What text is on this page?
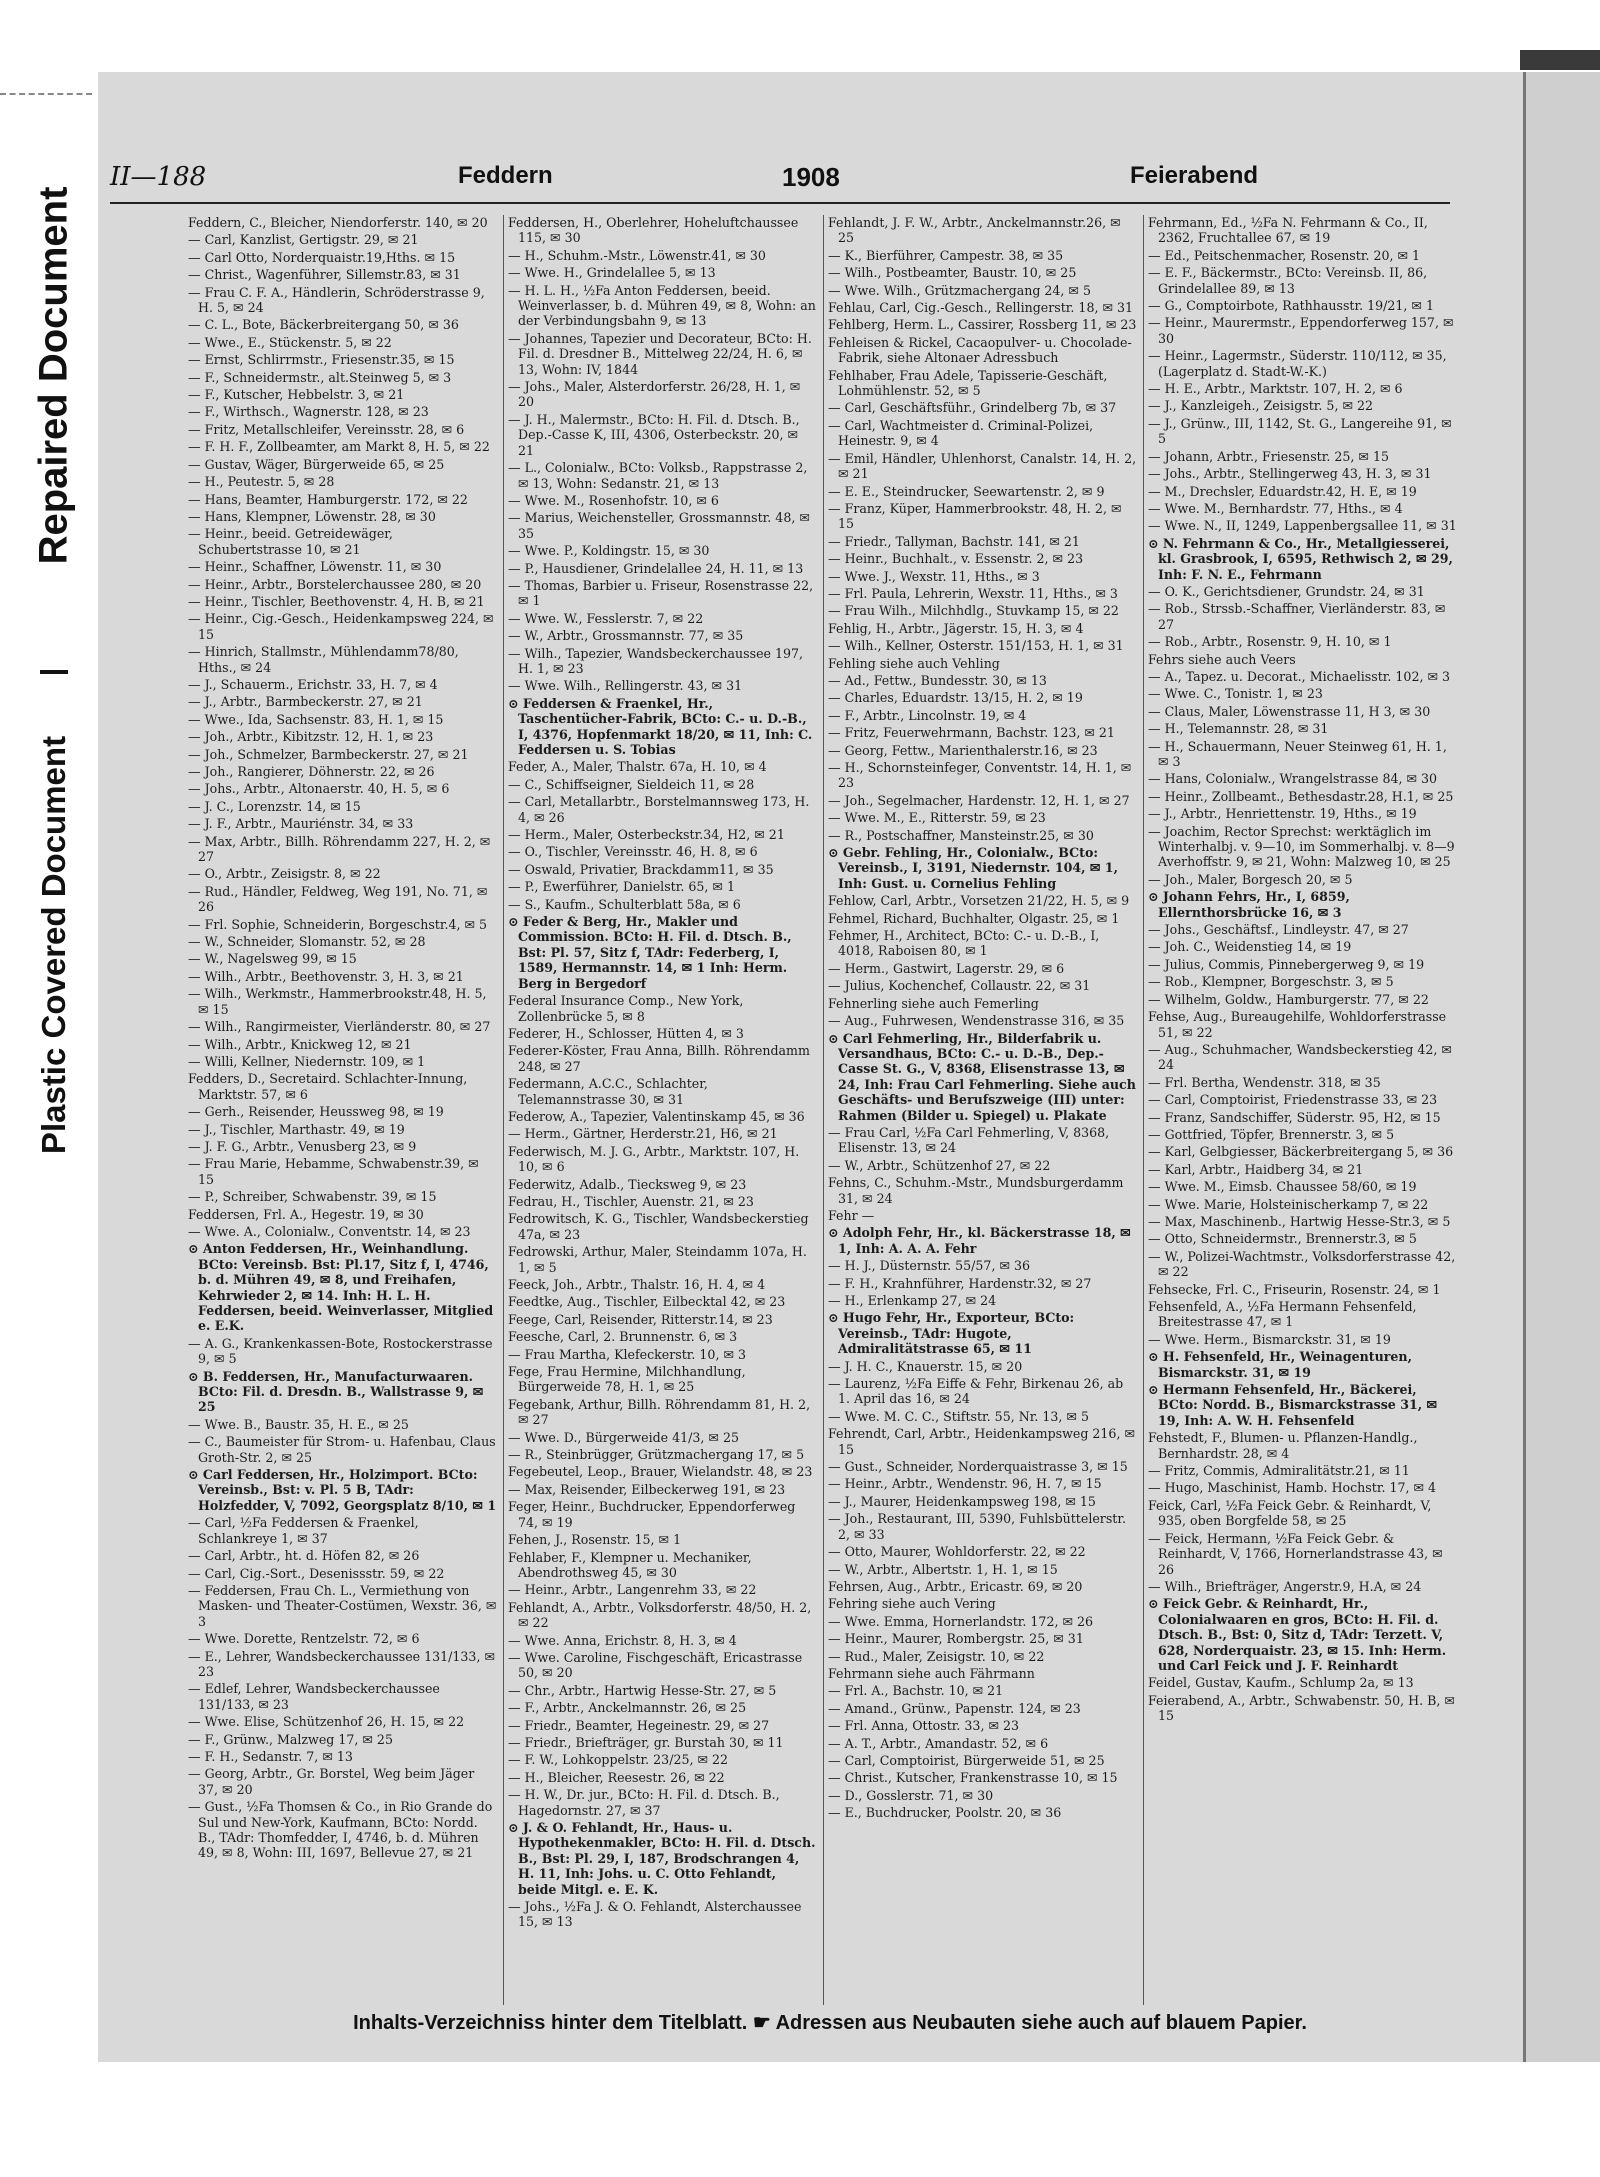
Repaired Document
Plastic Covered Document
II—188	Feddern	1908	Feierabend
Feddern, C., Bleicher, Niendorferstr. 140, ✉ 20
— Carl, Kanzlist, Gertigstr. 29, ✉ 21
— Carl Otto, Norderquaistr.19,Hths. ✉ 15
— Christ., Wagenführer, Sillemstr.83, ✉ 31
— Frau C. F. A., Händlerin, Schröderstrasse 9, H. 5, ✉ 24
— C. L., Bote, Bäckerbreitergang 50, ✉ 36
— Wwe., E., Stückenstr. 5, ✉ 22
— Ernst, Schlirrmstr., Friesenstr.35, ✉ 15
— F., Schneidermstr., alt.Steinweg 5, ✉ 3
— F., Kutscher, Hebbelstr. 3, ✉ 21
— F., Wirthsch., Wagnerstr. 128, ✉ 23
— Fritz, Metallschleifer, Vereinsstr. 28, ✉ 6
— F. H. F., Zollbeamter, am Markt 8, H. 5, ✉ 22
— Gustav, Wäger, Bürgerweide 65, ✉ 25
— H., Peutestr. 5, ✉ 28
— Hans, Beamter, Hamburgerstr. 172, ✉ 22
— Hans, Klempner, Löwenstr. 28, ✉ 30
— Heinr., beeid. Getreidewäger, Schubertstrasse 10, ✉ 21
— Heinr., Schaffner, Löwenstr. 11, ✉ 30
— Heinr., Arbtr., Borstelerchaussee 280, ✉ 20
— Heinr., Tischler, Beethovenstr. 4, H. B, ✉ 21
— Heinr., Cig.-Gesch., Heidenkampsweg 224, ✉ 15
— Hinrich, Stallmstr., Mühlendamm78/80, Hths., ✉ 24
— J., Schauerm., Erichstr. 33, H. 7, ✉ 4
— J., Arbtr., Barmbeckerstr. 27, ✉ 21
— Wwe., Ida, Sachsenstr. 83, H. 1, ✉ 15
— Joh., Arbtr., Kibitzstr. 12, H. 1, ✉ 23
— Joh., Schmelzer, Barmbeckerstr. 27, ✉ 21
— Joh., Rangierer, Döhnerstr. 22, ✉ 26
— Johs., Arbtr., Altonaerstr. 40, H. 5, ✉ 6
— J. C., Lorenzstr. 14, ✉ 15
— J. F., Arbtr., Mauriénstr. 34, ✉ 33
— Max, Arbtr., Billh. Röhrendamm 227, H. 2, ✉ 27
— O., Arbtr., Zeisigstr. 8, ✉ 22
— Rud., Händler, Feldweg, Weg 191, No. 71, ✉ 26
— Frl. Sophie, Schneiderin, Borgeschstr.4, ✉ 5
— W., Schneider, Slomanstr. 52, ✉ 28
— W., Nagelsweg 99, ✉ 15
— Wilh., Arbtr., Beethovenstr. 3, H. 3, ✉ 21
— Wilh., Werkmstr., Hammerbrookstr.48, H. 5, ✉ 15
— Wilh., Rangirmeister, Vierländerstr. 80, ✉ 27
— Wilh., Arbtr., Knickweg 12, ✉ 21
— Willi, Kellner, Niedernstr. 109, ✉ 1
Fedders, D., Secretaird. Schlachter-Innung, Marktstr. 57, ✉ 6
— Gerh., Reisender, Heussweg 98, ✉ 19
— J., Tischler, Marthastr. 49, ✉ 19
— J. F. G., Arbtr., Venusberg 23, ✉ 9
— Frau Marie, Hebamme, Schwabenstr.39, ✉ 15
— P., Schreiber, Schwabenstr. 39, ✉ 15
Feddersen, Frl. A., Hegestr. 19, ✉ 30
— Wwe. A., Colonialw., Conventstr. 14, ✉ 23
⊙ Anton Feddersen, Hr., Weinhandlung. BCto: Vereinsb. Bst: Pl.17, Sitz f, I, 4746, b. d. Mühren 49, ✉ 8, und Freihafen, Kehrwieder 2, ✉ 14. Inh: H. L. H. Feddersen, beeid. Weinverlasser, Mitglied e. E.K.
— A. G., Krankenkassen-Bote, Rostockerstrasse 9, ✉ 5
⊙ B. Feddersen, Hr., Manufacturwaaren. BCto: Fil. d. Dresdn. B., Wallstrasse 9, ✉ 25
— Wwe. B., Baustr. 35, H. E., ✉ 25
— C., Baumeister für Strom- u. Hafenbau, Claus Groth-Str. 2, ✉ 25
⊙ Carl Feddersen, Hr., Holzimport. BCto: Vereinsb., Bst: v. Pl. 5 B, TAdr: Holzfedder, V, 7092, Georgsplatz 8/10, ✉ 1
— Carl, ½Fa Feddersen & Fraenkel, Schlankreye 1, ✉ 37
— Carl, Arbtr., ht. d. Höfen 82, ✉ 26
— Carl, Cig.-Sort., Desenissstr. 59, ✉ 22
— Feddersen, Frau Ch. L., Vermiethung von Masken- und Theater-Costümen, Wexstr. 36, ✉ 3
— Wwe. Dorette, Rentzelstr. 72, ✉ 6
— E., Lehrer, Wandsbeckerchaussee 131/133, ✉ 23
— Edlef, Lehrer, Wandsbeckerchaussee 131/133, ✉ 23
— Wwe. Elise, Schützenhof 26, H. 15, ✉ 22
— F., Grünw., Malzweg 17, ✉ 25
— F. H., Sedanstr. 7, ✉ 13
— Georg, Arbtr., Gr. Borstel, Weg beim Jäger 37, ✉ 20
— Gust., ½Fa Thomsen & Co., in Rio Grande do Sul und New-York, Kaufmann, BCto: Nordd. B., TAdr: Thomfedder, I, 4746, b. d. Mühren 49, ✉ 8, Wohn: III, 1697, Bellevue 27, ✉ 21
Feddersen, H., Oberlehrer, Hoheluftchaussee 115, ✉ 30
— H., Schuhm.-Mstr., Löwenstr.41, ✉ 30
— Wwe. H., Grindelallee 5, ✉ 13
— H. L. H., ½Fa Anton Feddersen, beeid. Weinverlasser, b. d. Mühren 49, ✉ 8, Wohn: an der Verbindungsbahn 9, ✉ 13
— Johannes, Tapezier und Decorateur, BCto: H. Fil. d. Dresdner B., Mittelweg 22/24, H. 6, ✉ 13, Wohn: IV, 1844
— Johs., Maler, Alsterdorferstr. 26/28, H. 1, ✉ 20
— J. H., Malermstr., BCto: H. Fil. d. Dtsch. B., Dep.-Casse K, III, 4306, Osterbeckstr. 20, ✉ 21
— L., Colonialw., BCto: Volksb., Rappstrasse 2, ✉ 13, Wohn: Sedanstr. 21, ✉ 13
— Wwe. M., Rosenhofstr. 10, ✉ 6
— Marius, Weichensteller, Grossmannstr. 48, ✉ 35
— Wwe. P., Koldingstr. 15, ✉ 30
— P., Hausdiener, Grindelallee 24, H. 11, ✉ 13
— Thomas, Barbier u. Friseur, Rosenstrasse 22, ✉ 1
— Wwe. W., Fesslerstr. 7, ✉ 22
— W., Arbtr., Grossmannstr. 77, ✉ 35
— Wilh., Tapezier, Wandsbeckerchaussee 197, H. 1, ✉ 23
— Wwe. Wilh., Rellingerstr. 43, ✉ 31
⊙ Feddersen & Fraenkel, Hr., Taschentücher-Fabrik, BCto: C.- u. D.-B., I, 4376, Hopfenmarkt 18/20, ✉ 11, Inh: C. Feddersen u. S. Tobias
Feder, A., Maler, Thalstr. 67a, H. 10, ✉ 4
— C., Schiffseigner, Sieldeich 11, ✉ 28
— Carl, Metallarbtr., Borstelmannsweg 173, H. 4, ✉ 26
— Herm., Maler, Osterbeckstr.34, H2, ✉ 21
— O., Tischler, Vereinsstr. 46, H. 8, ✉ 6
— Oswald, Privatier, Brackdamm11, ✉ 35
— P., Ewerführer, Danielstr. 65, ✉ 1
— S., Kaufm., Schulterblatt 58a, ✉ 6
⊙ Feder & Berg, Hr., Makler und Commission. BCto: H. Fil. d. Dtsch. B., Bst: Pl. 57, Sitz f, TAdr: Federberg, I, 1589, Hermannstr. 14, ✉ 1 Inh: Herm. Berg in Bergedorf
Federal Insurance Comp., New York, Zollenbrücke 5, ✉ 8
Federer, H., Schlosser, Hütten 4, ✉ 3
Federer-Köster, Frau Anna, Billh. Röhrendamm 248, ✉ 27
Federmann, A.C.C., Schlachter, Telemannstrasse 30, ✉ 31
Federow, A., Tapezier, Valentinskamp 45, ✉ 36
— Herm., Gärtner, Herderstr.21, H6, ✉ 21
Federwisch, M. J. G., Arbtr., Marktstr. 107, H. 10, ✉ 6
Federwitz, Adalb., Tiecksweg 9, ✉ 23
Fedrau, H., Tischler, Auenstr. 21, ✉ 23
Fedrowitsch, K. G., Tischler, Wandsbeckerstieg 47a, ✉ 23
Fedrowski, Arthur, Maler, Steindamm 107a, H. 1, ✉ 5
Feeck, Joh., Arbtr., Thalstr. 16, H. 4, ✉ 4
Feedtke, Aug., Tischler, Eilbecktal 42, ✉ 23
Feege, Carl, Reisender, Ritterstr.14, ✉ 23
Feesche, Carl, 2. Brunnenstr. 6, ✉ 3
— Frau Martha, Klefeckerstr. 10, ✉ 3
Fege, Frau Hermine, Milchhandlung, Bürgerweide 78, H. 1, ✉ 25
Fegebank, Arthur, Billh. Röhrendamm 81, H. 2, ✉ 27
— Wwe. D., Bürgerweide 41/3, ✉ 25
— R., Steinbrügger, Grützmachergang 17, ✉ 5
Fegebeutel, Leop., Brauer, Wielandstr. 48, ✉ 23
— Max, Reisender, Eilbeckerweg 191, ✉ 23
Feger, Heinr., Buchdrucker, Eppendorferweg 74, ✉ 19
Fehen, J., Rosenstr. 15, ✉ 1
Fehlaber, F., Klempner u. Mechaniker, Abendrothsweg 45, ✉ 30
— Heinr., Arbtr., Langenrehm 33, ✉ 22
Fehlandt, A., Arbtr., Volksdorferstr. 48/50, H. 2, ✉ 22
— Wwe. Anna, Erichstr. 8, H. 3, ✉ 4
— Wwe. Caroline, Fischgeschäft, Ericastrasse 50, ✉ 20
— Chr., Arbtr., Hartwig Hesse-Str. 27, ✉ 5
— F., Arbtr., Anckelmannstr. 26, ✉ 25
— Friedr., Beamter, Hegeinestr. 29, ✉ 27
— Friedr., Briefträger, gr. Burstah 30, ✉ 11
— F. W., Lohkoppelstr. 23/25, ✉ 22
— H., Bleicher, Reesestr. 26, ✉ 22
— H. W., Dr. jur., BCto: H. Fil. d. Dtsch. B., Hagedornstr. 27, ✉ 37
⊙ J. & O. Fehlandt, Hr., Haus- u. Hypothekenmakler, BCto: H. Fil. d. Dtsch. B., Bst: Pl. 29, I, 187, Brodschrangen 4, H. 11, Inh: Johs. u. C. Otto Fehlandt, beide Mitgl. e. E. K.
— Johs., ½Fa J. & O. Fehlandt, Alsterchaussee 15, ✉ 13
Fehlandt, J. F. W., Arbtr., Anckelmannstr.26, ✉ 25
— K., Bierführer, Campestr. 38, ✉ 35
— Wilh., Postbeamter, Baustr. 10, ✉ 25
— Wwe. Wilh., Grützmachergang 24, ✉ 5
Fehlau, Carl, Cig.-Gesch., Rellingerstr. 18, ✉ 31
Fehlberg, Herm. L., Cassirer, Rossberg 11, ✉ 23
Fehleisen & Rickel, Cacaopulver- u. Chocolade-Fabrik, siehe Altonaer Adressbuch
Fehlhaber, Frau Adele, Tapisserie-Geschäft, Lohmühlenstr. 52, ✉ 5
— Carl, Geschäftsführ., Grindelberg 7b, ✉ 37
— Carl, Wachtmeister d. Criminal-Polizei, Heinestr. 9, ✉ 4
— Emil, Händler, Uhlenhorst, Canalstr. 14, H. 2, ✉ 21
— E. E., Steindrucker, Seewartenstr. 2, ✉ 9
— Franz, Küper, Hammerbrookstr. 48, H. 2, ✉ 15
— Friedr., Tallyman, Bachstr. 141, ✉ 21
— Heinr., Buchhalt., v. Essenstr. 2, ✉ 23
— Wwe. J., Wexstr. 11, Hths., ✉ 3
— Frl. Paula, Lehrerin, Wexstr. 11, Hths., ✉ 3
— Frau Wilh., Milchhdlg., Stuvkamp 15, ✉ 22
Fehlig, H., Arbtr., Jägerstr. 15, H. 3, ✉ 4
— Wilh., Kellner, Osterstr. 151/153, H. 1, ✉ 31
Fehling siehe auch Vehling
— Ad., Fettw., Bundesstr. 30, ✉ 13
— Charles, Eduardstr. 13/15, H. 2, ✉ 19
— F., Arbtr., Lincolnstr. 19, ✉ 4
— Fritz, Feuerwehrmann, Bachstr. 123, ✉ 21
— Georg, Fettw., Marienthalerstr.16, ✉ 23
— H., Schornsteinfeger, Conventstr. 14, H. 1, ✉ 23
— Joh., Segelmacher, Hardenstr. 12, H. 1, ✉ 27
— Wwe. M., E., Ritterstr. 59, ✉ 23
— R., Postschaffner, Mansteinstr.25, ✉ 30
⊙ Gebr. Fehling, Hr., Colonialw., BCto: Vereinsb., I, 3191, Niedernstr. 104, ✉ 1, Inh: Gust. u. Cornelius Fehling
Fehlow, Carl, Arbtr., Vorsetzen 21/22, H. 5, ✉ 9
Fehmel, Richard, Buchhalter, Olgastr. 25, ✉ 1
Fehmer, H., Architect, BCto: C.- u. D.-B., I, 4018, Raboisen 80, ✉ 1
— Herm., Gastwirt, Lagerstr. 29, ✉ 6
— Julius, Kochenchef, Collaustr. 22, ✉ 31
Fehnerling siehe auch Femerling
— Aug., Fuhrwesen, Wendenstrasse 316, ✉ 35
⊙ Carl Fehmerling, Hr., Bilderfabrik u. Versandhaus, BCto: C.- u. D.-B., Dep.-Casse St. G., V, 8368, Elisenstrasse 13, ✉ 24, Inh: Frau Carl Fehmerling. Siehe auch Geschäfts- und Berufszweige (III) unter: Rahmen (Bilder u. Spiegel) u. Plakate
— Frau Carl, ½Fa Carl Fehmerling, V, 8368, Elisenstr. 13, ✉ 24
— W., Arbtr., Schützenhof 27, ✉ 22
Fehns, C., Schuhm.-Mstr., Mundsburgerdamm 31, ✉ 24
Fehr —
⊙ Adolph Fehr, Hr., kl. Bäckerstrasse 18, ✉ 1, Inh: A. A. A. Fehr
— H. J., Düsternstr. 55/57, ✉ 36
— F. H., Krahnführer, Hardenstr.32, ✉ 27
— H., Erlenkamp 27, ✉ 24
⊙ Hugo Fehr, Hr., Exporteur, BCto: Vereinsb., TAdr: Hugote, Admiralitätstrasse 65, ✉ 11
— J. H. C., Knauerstr. 15, ✉ 20
— Laurenz, ½Fa Eiffe & Fehr, Birkenau 26, ab 1. April das 16, ✉ 24
— Wwe. M. C. C., Stiftstr. 55, Nr. 13, ✉ 5
Fehrendt, Carl, Arbtr., Heidenkampsweg 216, ✉ 15
— Gust., Schneider, Norderquaistrasse 3, ✉ 15
— Heinr., Arbtr., Wendenstr. 96, H. 7, ✉ 15
— J., Maurer, Heidenkampsweg 198, ✉ 15
— Joh., Restaurant, III, 5390, Fuhlsbüttelerstr. 2, ✉ 33
— Otto, Maurer, Wohldorferstr. 22, ✉ 22
— W., Arbtr., Albertstr. 1, H. 1, ✉ 15
Fehrsen, Aug., Arbtr., Ericastr. 69, ✉ 20
Fehring siehe auch Vering
— Wwe. Emma, Hornerlandstr. 172, ✉ 26
— Heinr., Maurer, Rombergstr. 25, ✉ 31
— Rud., Maler, Zeisigstr. 10, ✉ 22
Fehrmann siehe auch Fährmann
— Frl. A., Bachstr. 10, ✉ 21
— Amand., Grünw., Papenstr. 124, ✉ 23
— Frl. Anna, Ottostr. 33, ✉ 23
— A. T., Arbtr., Amandastr. 52, ✉ 6
— Carl, Comptoirist, Bürgerweide 51, ✉ 25
— Christ., Kutscher, Frankenstrasse 10, ✉ 15
— D., Gosslerstr. 71, ✉ 30
— E., Buchdrucker, Poolstr. 20, ✉ 36
Fehrmann, Ed., ½Fa N. Fehrmann & Co., II, 2362, Fruchtallee 67, ✉ 19
— Ed., Peitschenmacher, Rosenstr. 20, ✉ 1
— E. F., Bäckermstr., BCto: Vereinsb. II, 86, Grindelallee 89, ✉ 13
— G., Comptoirbote, Rathhausstr. 19/21, ✉ 1
— Heinr., Maurermstr., Eppendorferweg 157, ✉ 30
— Heinr., Lagermstr., Süderstr. 110/112, ✉ 35, (Lagerplatz d. Stadt-W.-K.)
— H. E., Arbtr., Marktstr. 107, H. 2, ✉ 6
— J., Kanzleigeh., Zeisigstr. 5, ✉ 22
— J., Grünw., III, 1142, St. G., Langereihe 91, ✉ 5
— Johann, Arbtr., Friesenstr. 25, ✉ 15
— Johs., Arbtr., Stellingerweg 43, H. 3, ✉ 31
— M., Drechsler, Eduardstr.42, H. E, ✉ 19
— Wwe. M., Bernhardstr. 77, Hths., ✉ 4
— Wwe. N., II, 1249, Lappenbergsallee 11, ✉ 31
⊙ N. Fehrmann & Co., Hr., Metallgiesserei, kl. Grasbrook, I, 6595, Rethwisch 2, ✉ 29, Inh: F. N. E., Fehrmann
— O. K., Gerichtsdiener, Grundstr. 24, ✉ 31
— Rob., Strssb.-Schaffner, Vierländerstr. 83, ✉ 27
— Rob., Arbtr., Rosenstr. 9, H. 10, ✉ 1
Fehrs siehe auch Veers
— A., Tapez. u. Decorat., Michaelisstr. 102, ✉ 3
— Wwe. C., Tonistr. 1, ✉ 23
— Claus, Maler, Löwenstrasse 11, H 3, ✉ 30
— H., Telemannstr. 28, ✉ 31
— H., Schauermann, Neuer Steinweg 61, H. 1, ✉ 3
— Hans, Colonialw., Wrangelstrasse 84, ✉ 30
— Heinr., Zollbeamt., Bethesdastr.28, H.1, ✉ 25
— J., Arbtr., Henriettenstr. 19, Hths., ✉ 19
— Joachim, Rector Sprechst: werktäglich im Winterhalbj. v. 9—10, im Sommerhalbj. v. 8—9 Averhoffstr. 9, ✉ 21, Wohn: Malzweg 10, ✉ 25
— Joh., Maler, Borgesch 20, ✉ 5
⊙ Johann Fehrs, Hr., I, 6859, Ellernthorsbrücke 16, ✉ 3
— Johs., Geschäftsf., Lindleystr. 47, ✉ 27
— Joh. C., Weidenstieg 14, ✉ 19
— Julius, Commis, Pinnebergerweg 9, ✉ 19
— Rob., Klempner, Borgeschstr. 3, ✉ 5
— Wilhelm, Goldw., Hamburgerstr. 77, ✉ 22
Fehse, Aug., Bureaugehilfe, Wohldorferstrasse 51, ✉ 22
— Aug., Schuhmacher, Wandsbeckerstieg 42, ✉ 24
— Frl. Bertha, Wendenstr. 318, ✉ 35
— Carl, Comptoirist, Friedenstrasse 33, ✉ 23
— Franz, Sandschiffer, Süderstr. 95, H2, ✉ 15
— Gottfried, Töpfer, Brennerstr. 3, ✉ 5
— Karl, Gelbgiesser, Bäckerbreitergang 5, ✉ 36
— Karl, Arbtr., Haidberg 34, ✉ 21
— Wwe. M., Eimsb. Chaussee 58/60, ✉ 19
— Wwe. Marie, Holsteinischerkamp 7, ✉ 22
— Max, Maschinenb., Hartwig Hesse-Str.3, ✉ 5
— Otto, Schneidermstr., Brennerstr.3, ✉ 5
— W., Polizei-Wachtmstr., Volksdorferstrasse 42, ✉ 22
Fehsecke, Frl. C., Friseurin, Rosenstr. 24, ✉ 1
Fehsenfeld, A., ½Fa Hermann Fehsenfeld, Breitestrasse 47, ✉ 1
— Wwe. Herm., Bismarckstr. 31, ✉ 19
⊙ H. Fehsenfeld, Hr., Weinagenturen, Bismarckstr. 31, ✉ 19
⊙ Hermann Fehsenfeld, Hr., Bäckerei, BCto: Nordd. B., Bismarckstrasse 31, ✉ 19, Inh: A. W. H. Fehsenfeld
Fehstedt, F., Blumen- u. Pflanzen-Handlg., Bernhardstr. 28, ✉ 4
— Fritz, Commis, Admiralitätstr.21, ✉ 11
— Hugo, Maschinist, Hamb. Hochstr. 17, ✉ 4
Feick, Carl, ½Fa Feick Gebr. & Reinhardt, V, 935, oben Borgfelde 58, ✉ 25
— Feick, Hermann, ½Fa Feick Gebr. & Reinhardt, V, 1766, Hornerlandstrasse 43, ✉ 26
— Wilh., Briefträger, Angerstr.9, H.A, ✉ 24
⊙ Feick Gebr. & Reinhardt, Hr., Colonialwaaren en gros, BCto: H. Fil. d. Dtsch. B., Bst: 0, Sitz d, TAdr: Terzett. V, 628, Norderquaistr. 23, ✉ 15. Inh: Herm. und Carl Feick und J. F. Reinhardt
Feidel, Gustav, Kaufm., Schlump 2a, ✉ 13
Feierabend, A., Arbtr., Schwabenstr. 50, H. B, ✉ 15
Inhalts-Verzeichniss hinter dem Titelblatt. ☛ Adressen aus Neubauten siehe auch auf blauem Papier.
